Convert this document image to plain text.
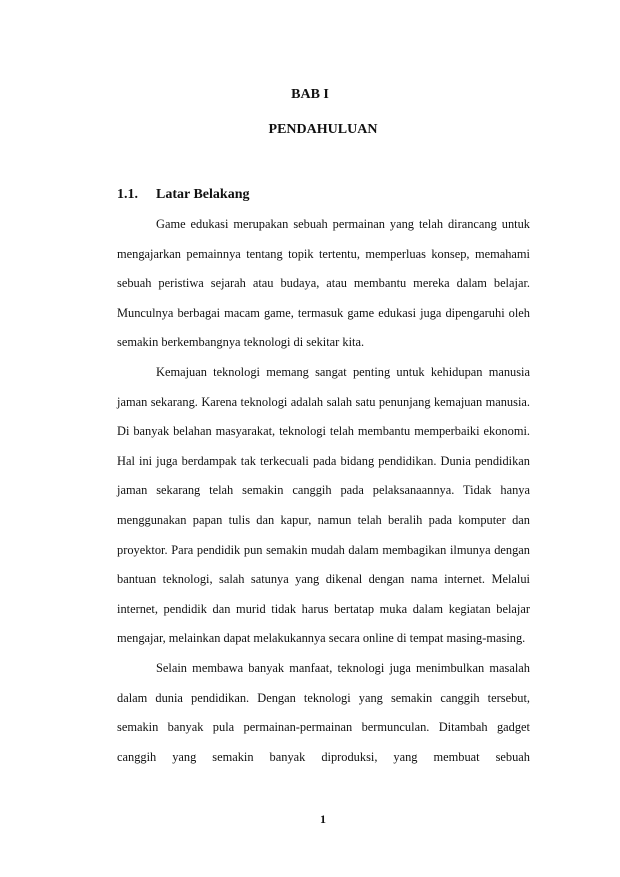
BAB I
PENDAHULUAN
1.1. Latar Belakang

Game edukasi merupakan sebuah permainan yang telah dirancang untuk mengajarkan pemainnya tentang topik tertentu, memperluas konsep, memahami sebuah peristiwa sejarah atau budaya, atau membantu mereka dalam belajar. Munculnya berbagai macam game, termasuk game edukasi juga dipengaruhi oleh semakin berkembangnya teknologi di sekitar kita.

Kemajuan teknologi memang sangat penting untuk kehidupan manusia jaman sekarang. Karena teknologi adalah salah satu penunjang kemajuan manusia. Di banyak belahan masyarakat, teknologi telah membantu memperbaiki ekonomi. Hal ini juga berdampak tak terkecuali pada bidang pendidikan. Dunia pendidikan jaman sekarang telah semakin canggih pada pelaksanaannya. Tidak hanya menggunakan papan tulis dan kapur, namun telah beralih pada komputer dan proyektor. Para pendidik pun semakin mudah dalam membagikan ilmunya dengan bantuan teknologi, salah satunya yang dikenal dengan nama internet. Melalui internet, pendidik dan murid tidak harus bertatap muka dalam kegiatan belajar mengajar, melainkan dapat melakukannya secara online di tempat masing-masing.

Selain membawa banyak manfaat, teknologi juga menimbulkan masalah dalam dunia pendidikan. Dengan teknologi yang semakin canggih tersebut, semakin banyak pula permainan-permainan bermunculan. Ditambah gadget canggih yang semakin banyak diproduksi, yang membuat sebuah

1
